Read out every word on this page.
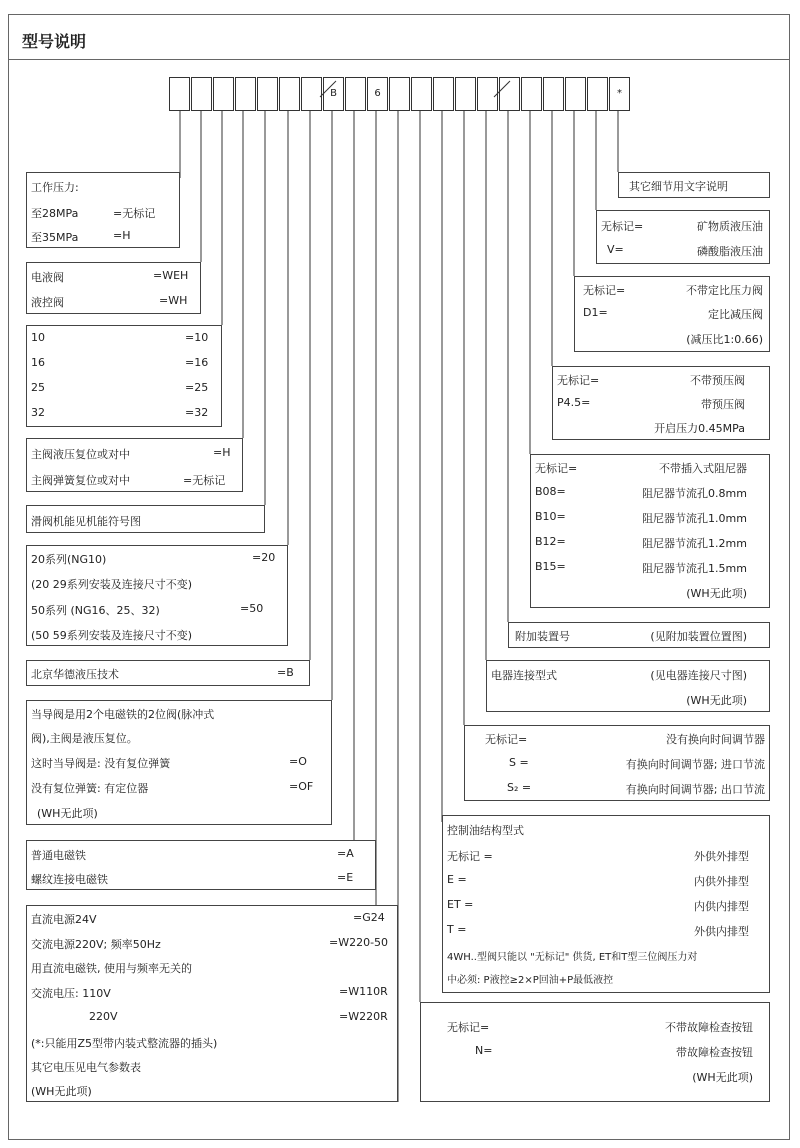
型号说明
B	6	*
工作压力:
至28MPa	=无标记
至35MPa	=H
电液阀	=WEH
液控阀	=WH
10	=10
16	=16
25	=25
32	=32
主阀液压复位或对中	=H
主阀弹簧复位或对中	=无标记
滑阀机能见机能符号图
20系列(NG10)	=20
(20 29系列安装及连接尺寸不变)
50系列 (NG16、25、32)	=50
(50 59系列安装及连接尺寸不变)
北京华德液压技术	=B
当导阀是用2个电磁铁的2位阀(脉冲式
阀),主阀是液压复位。
这时当导阀是: 没有复位弹簧	=O
没有复位弹簧: 有定位器	=OF
(WH无此项)
普通电磁铁	=A
螺纹连接电磁铁	=E
直流电源24V	=G24
交流电源220V; 频率50Hz	=W220-50
用直流电磁铁, 使用与频率无关的
交流电压: 110V	=W110R
220V	=W220R
(*:只能用Z5型带内装式整流器的插头)
其它电压见电气参数表
(WH无此项)
其它细节用文字说明
无标记=	矿物质液压油
V=	磷酸脂液压油
无标记=	不带定比压力阀
D1=	定比减压阀
(减压比1:0.66)
无标记=	不带预压阀
P4.5=	带预压阀
开启压力0.45MPa
无标记=	不带插入式阻尼器
B08=	阻尼器节流孔0.8mm
B10=	阻尼器节流孔1.0mm
B12=	阻尼器节流孔1.2mm
B15=	阻尼器节流孔1.5mm
(WH无此项)
附加装置号	(见附加装置位置图)
电器连接型式	(见电器连接尺寸图)
(WH无此项)
无标记=	没有换向时间调节器
S =	有换向时间调节器; 进口节流
S₂ =	有换向时间调节器; 出口节流
控制油结构型式
无标记 =	外供外排型
E =	内供外排型
ET =	内供内排型
T =	外供内排型
4WH..型阀只能以 "无标记" 供货, ET和T型三位阀压力对
中必须: P液控≥2×P回油+P最低液控
无标记=	不带故障检查按钮
N=	带故障检查按钮
(WH无此项)
